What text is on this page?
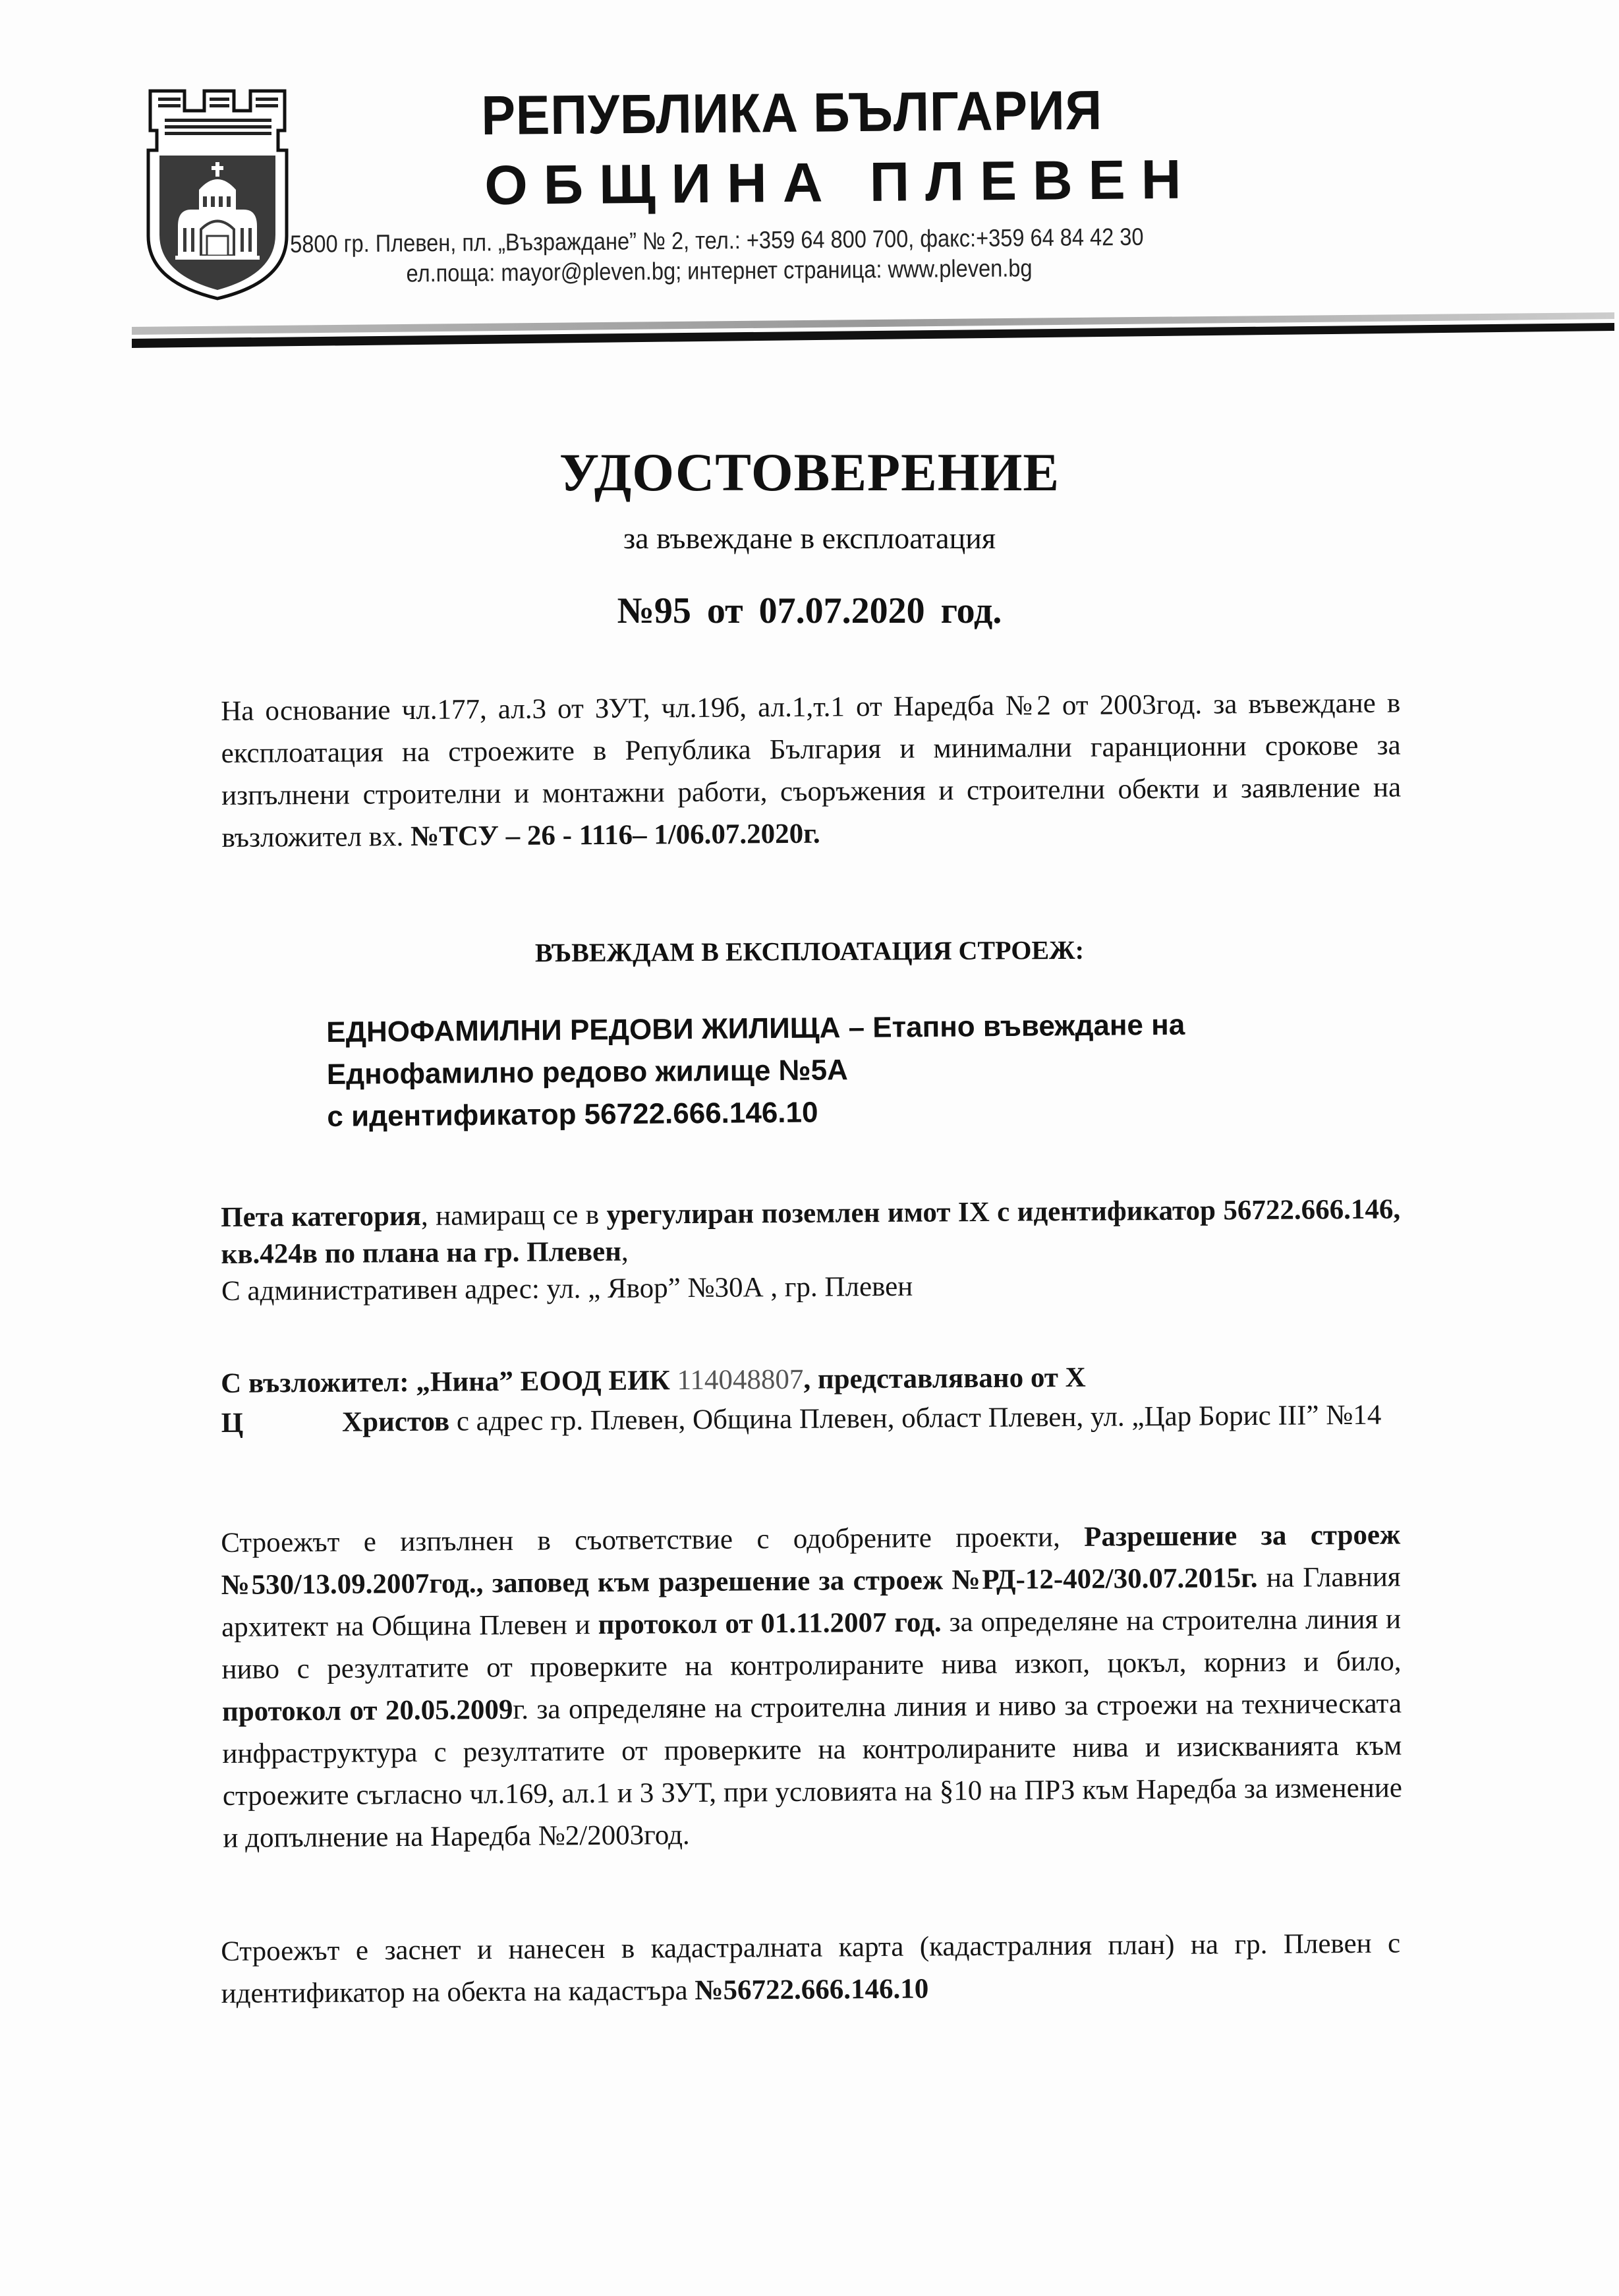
РЕПУБЛИКА БЪЛГАРИЯ
ОБЩИНА ПЛЕВЕН
5800 гр. Плевен, пл. „Възраждане” № 2, тел.: +359 64 800 700, факс:+359 64 84 42 30
ел.поща: mayor@pleven.bg; интернет страница: www.pleven.bg
УДОСТОВЕРЕНИЕ
за въвеждане в експлоатация
№95 от 07.07.2020 год.
На основание чл.177, ал.3 от ЗУТ, чл.19б, ал.1,т.1 от Наредба №2 от 2003год. за въвеждане в експлоатация на строежите в Република България и минимални гаранционни срокове за изпълнени строителни и монтажни работи, съоръжения и строителни обекти и заявление на възложител вх. №ТСУ – 26 - 1116– 1/06.07.2020г.
ВЪВЕЖДАМ В ЕКСПЛОАТАЦИЯ СТРОЕЖ:
ЕДНОФАМИЛНИ РЕДОВИ ЖИЛИЩА – Етапно въвеждане на
Еднофамилно редово жилище №5А
с идентификатор 56722.666.146.10
Пета категория, намиращ се в урегулиран поземлен имот IX с идентификатор 56722.666.146, кв.424в по плана на гр. Плевен,
С административен адрес: ул. „ Явор” №30А , гр. Плевен
С възложител: „Нина” ЕООД ЕИК 114048807, представлявано от Х
Ц	Христов с адрес гр. Плевен, Община Плевен, област Плевен, ул. „Цар Борис III” №14
Строежът е изпълнен в съответствие с одобрените проекти, Разрешение за строеж №530/13.09.2007год., заповед към разрешение за строеж №РД-12-402/30.07.2015г. на Главния архитект на Община Плевен и протокол от 01.11.2007 год. за определяне на строителна линия и ниво с резултатите от проверките на контролираните нива изкоп, цокъл, корниз и било, протокол от 20.05.2009г. за определяне на строителна линия и ниво за строежи на техническата инфраструктура с резултатите от проверките на контролираните нива и изискванията към строежите съгласно чл.169, ал.1 и 3 ЗУТ, при условията на §10 на ПРЗ към Наредба за изменение и допълнение на Наредба №2/2003год.
Строежът е заснет и нанесен в кадастралната карта (кадастралния план) на гр. Плевен с идентификатор на обекта на кадастъра №56722.666.146.10
